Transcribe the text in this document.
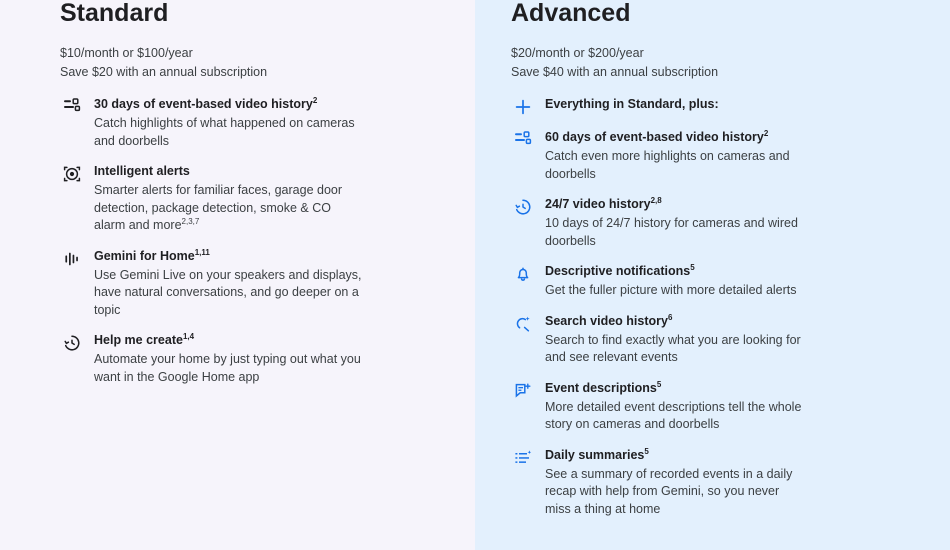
Standard
$10/month or $100/year
Save $20 with an annual subscription

30 days of event-based video history$^2$

Catch highlights of what happened on cameras and doorbells

Intelligent alerts

Smarter alerts for familiar faces, garage door detection, package detection, smoke & CO alarm and more$^{2,3,7}$

Gemini for Home$^{1,11}$

Use Gemini Live on your speakers and displays, have natural conversations, and go deeper on a topic

Help me create$^{1,4}$

Automate your home by just typing out what you want in the Google Home app

Advanced
$20/month or $200/year
Save $40 with an annual subscription

Everything in Standard, plus:

60 days of event-based video history$^2$

Catch even more highlights on cameras and doorbells

24/7 video history$^{2,8}$

10 days of 24/7 history for cameras and wired doorbells

Descriptive notifications$^5$

Get the fuller picture with more detailed alerts

Search video history$^6$

Search to find exactly what you are looking for and see relevant events

Event descriptions$^5$

More detailed event descriptions tell the whole story on cameras and doorbells

Daily summaries$^5$

See a summary of recorded events in a daily recap with help from Gemini, so you never miss a thing at home
